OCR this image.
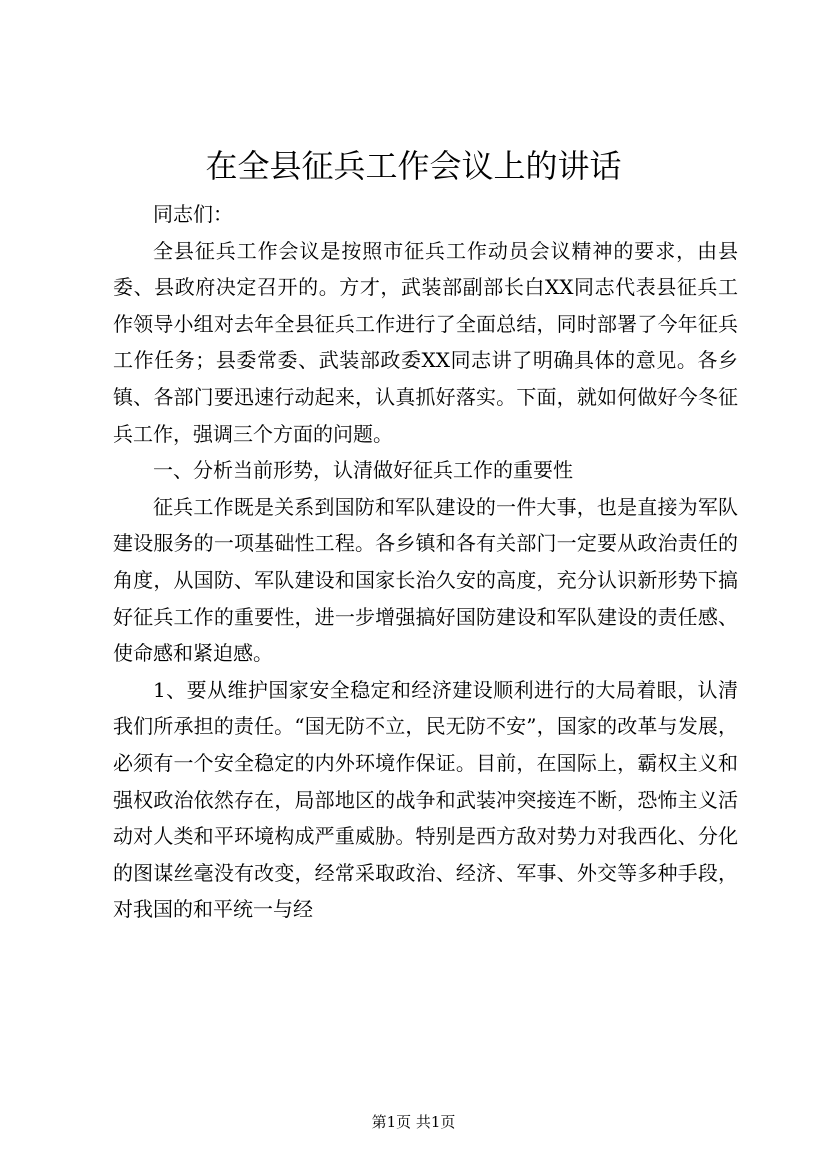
在全县征兵工作会议上的讲话

同志们：

全县征兵工作会议是按照市征兵工作动员会议精神的要求，由县委、县政府决定召开的。方才，武装部副部长白XX同志代表县征兵工作领导小组对去年全县征兵工作进行了全面总结，同时部署了今年征兵工作任务；县委常委、武装部政委XX同志讲了明确具体的意见。各乡镇、各部门要迅速行动起来，认真抓好落实。下面，就如何做好今冬征兵工作，强调三个方面的问题。

一、分析当前形势，认清做好征兵工作的重要性

征兵工作既是关系到国防和军队建设的一件大事，也是直接为军队建设服务的一项基础性工程。各乡镇和各有关部门一定要从政治责任的角度，从国防、军队建设和国家长治久安的高度，充分认识新形势下搞好征兵工作的重要性，进一步增强搞好国防建设和军队建设的责任感、使命感和紧迫感。

1、要从维护国家安全稳定和经济建设顺利进行的大局着眼，认清我们所承担的责任。“国无防不立，民无防不安”，国家的改革与发展，必须有一个安全稳定的内外环境作保证。目前，在国际上，霸权主义和强权政治依然存在，局部地区的战争和武装冲突接连不断，恐怖主义活动对人类和平环境构成严重威胁。特别是西方敌对势力对我西化、分化的图谋丝毫没有改变，经常采取政治、经济、军事、外交等多种手段，对我国的和平统一与经

第1页 共1页
